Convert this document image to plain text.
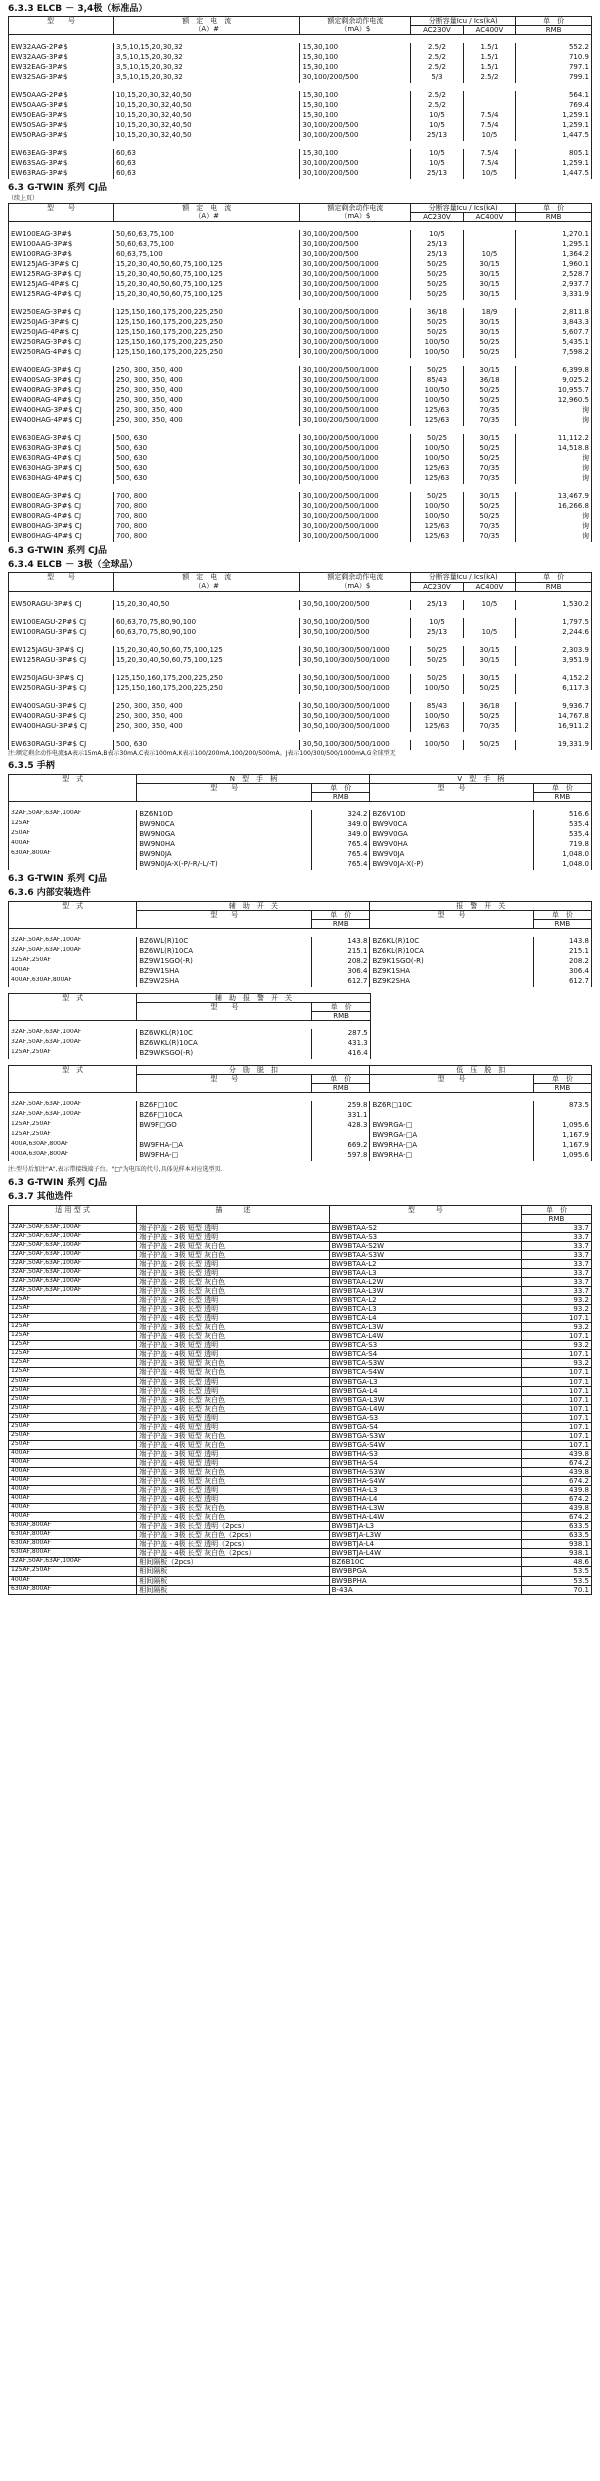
6.3.3 ELCB － 3,4极（标准品）
型　　号	额　定　电　流
（A）#	额定剩余动作电流
（mA）$	分断容量Icu / Ics(kA)		单　价
			AC230V	AC400V	RMB

EW32AAG-2P#$	3,5,10,15,20,30,32	15,30,100	2.5/2	1.5/1	552.2
EW32AAG-3P#$	3,5,10,15,20,30,32	15,30,100	2.5/2	1.5/1	710.9
EW32EAG-3P#$	3,5,10,15,20,30,32	15,30,100	2.5/2	1.5/1	797.1
EW32SAG-3P#$	3,5,10,15,20,30,32	30,100/200/500	5/3	2.5/2	799.1

EW50AAG-2P#$	10,15,20,30,32,40,50	15,30,100	2.5/2		564.1
EW50AAG-3P#$	10,15,20,30,32,40,50	15,30,100	2.5/2		769.4
EW50EAG-3P#$	10,15,20,30,32,40,50	15,30,100	10/5	7.5/4	1,259.1
EW50SAG-3P#$	10,15,20,30,32,40,50	30,100/200/500	10/5	7.5/4	1,259.1
EW50RAG-3P#$	10,15,20,30,32,40,50	30,100/200/500	25/13	10/5	1,447.5

EW63EAG-3P#$	60,63	15,30,100	10/5	7.5/4	805.1
EW63SAG-3P#$	60,63	30,100/200/500	10/5	7.5/4	1,259.1
EW63RAG-3P#$	60,63	30,100/200/500	25/13	10/5	1,447.5
6.3 G-TWIN 系列 CJ品
（续上页）
型　　号	额　定　电　流
（A）#	额定剩余动作电流
（mA）$	分断容量Icu / Ics(kA)		单　价
			AC230V	AC400V	RMB

EW100EAG-3P#$	50,60,63,75,100	30,100/200/500	10/5		1,270.1
EW100AAG-3P#$	50,60,63,75,100	30,100/200/500	25/13		1,295.1
EW100RAG-3P#$	60,63,75,100	30,100/200/500	25/13	10/5	1,364.2
EW125JAG-3P#$ CJ	15,20,30,40,50,60,75,100,125	30,100/200/500/1000	50/25	30/15	1,960.1
EW125RAG-3P#$ CJ	15,20,30,40,50,60,75,100,125	30,100/200/500/1000	50/25	30/15	2,528.7
EW125JAG-4P#$ CJ	15,20,30,40,50,60,75,100,125	30,100/200/500/1000	50/25	30/15	2,937.7
EW125RAG-4P#$ CJ	15,20,30,40,50,60,75,100,125	30,100/200/500/1000	50/25	30/15	3,331.9

EW250EAG-3P#$ CJ	125,150,160,175,200,225,250	30,100/200/500/1000	36/18	18/9	2,811.8
EW250JAG-3P#$ CJ	125,150,160,175,200,225,250	30,100/200/500/1000	50/25	30/15	3,843.3
EW250JAG-4P#$ CJ	125,150,160,175,200,225,250	30,100/200/500/1000	50/25	30/15	5,607.7
EW250RAG-3P#$ CJ	125,150,160,175,200,225,250	30,100/200/500/1000	100/50	50/25	5,435.1
EW250RAG-4P#$ CJ	125,150,160,175,200,225,250	30,100/200/500/1000	100/50	50/25	7,598.2

EW400EAG-3P#$ CJ	250, 300, 350, 400	30,100/200/500/1000	50/25	30/15	6,399.8
EW400SAG-3P#$ CJ	250, 300, 350, 400	30,100/200/500/1000	85/43	36/18	9,025.2
EW400RAG-3P#$ CJ	250, 300, 350, 400	30,100/200/500/1000	100/50	50/25	10,955.7
EW400RAG-4P#$ CJ	250, 300, 350, 400	30,100/200/500/1000	100/50	50/25	12,960.5
EW400HAG-3P#$ CJ	250, 300, 350, 400	30,100/200/500/1000	125/63	70/35	询
EW400HAG-4P#$ CJ	250, 300, 350, 400	30,100/200/500/1000	125/63	70/35	询

EW630EAG-3P#$ CJ	500, 630	30,100/200/500/1000	50/25	30/15	11,112.2
EW630RAG-3P#$ CJ	500, 630	30,100/200/500/1000	100/50	50/25	14,518.8
EW630RAG-4P#$ CJ	500, 630	30,100/200/500/1000	100/50	50/25	询
EW630HAG-3P#$ CJ	500, 630	30,100/200/500/1000	125/63	70/35	询
EW630HAG-4P#$ CJ	500, 630	30,100/200/500/1000	125/63	70/35	询

EW800EAG-3P#$ CJ	700, 800	30,100/200/500/1000	50/25	30/15	13,467.9
EW800RAG-3P#$ CJ	700, 800	30,100/200/500/1000	100/50	50/25	16,266.8
EW800RAG-4P#$ CJ	700, 800	30,100/200/500/1000	100/50	50/25	询
EW800HAG-3P#$ CJ	700, 800	30,100/200/500/1000	125/63	70/35	询
EW800HAG-4P#$ CJ	700, 800	30,100/200/500/1000	125/63	70/35	询
6.3 G-TWIN 系列 CJ品
6.3.4 ELCB － 3极（全球品）
型　　号	额　定　电　流
（A）#	额定剩余动作电流
（mA）$	分断容量Icu / Ics(kA)		单　价
			AC230V	AC400V	RMB

EW50RAGU-3P#$ CJ	15,20,30,40,50	30,50,100/200/500	25/13	10/5	1,530.2

EW100EAGU-2P#$ CJ	60,63,70,75,80,90,100	30,50,100/200/500	10/5		1,797.5
EW100RAGU-3P#$ CJ	60,63,70,75,80,90,100	30,50,100/200/500	25/13	10/5	2,244.6

EW125JAGU-3P#$ CJ	15,20,30,40,50,60,75,100,125	30,50,100/300/500/1000	50/25	30/15	2,303.9
EW125RAGU-3P#$ CJ	15,20,30,40,50,60,75,100,125	30,50,100/300/500/1000	50/25	30/15	3,951.9

EW250JAGU-3P#$ CJ	125,150,160,175,200,225,250	30,50,100/300/500/1000	50/25	30/15	4,152.2
EW250RAGU-3P#$ CJ	125,150,160,175,200,225,250	30,50,100/300/500/1000	100/50	50/25	6,117.3

EW400SAGU-3P#$ CJ	250, 300, 350, 400	30,50,100/300/500/1000	85/43	36/18	9,936.7
EW400RAGU-3P#$ CJ	250, 300, 350, 400	30,50,100/300/500/1000	100/50	50/25	14,767.8
EW400HAGU-3P#$ CJ	250, 300, 350, 400	30,50,100/300/500/1000	125/63	70/35	16,911.2

EW630RAGU-3P#$ CJ	500, 630	30,50,100/300/500/1000	100/50	50/25	19,331.9
注:额定剩余动作电流$A表示15mA,B表示30mA,C表示100mA,K表示100/200mA,100/200/500mA。J表示100/300/500/1000mA,G全球型无
6.3.5 手柄
型　式	N　型　手　柄		V　型　手　柄	
	型　　号	单　价	型　　号	单　价
		RMB		RMB

32AF,50AF,63AF,100AF	BZ6N10D	324.2	BZ6V10D	516.6
125AF	BW9N0CA	349.0	BW9V0CA	535.4
250AF	BW9N0GA	349.0	BW9V0GA	535.4
400AF	BW9N0HA	765.4	BW9V0HA	719.8
630AF,800AF	BW9N0JA	765.4	BW9V0JA	1,048.0
	BW9N0JA-X(-P/-R/-L/-T)	765.4	BW9V0JA-X(-P)	1,048.0
6.3 G-TWIN 系列 CJ品
6.3.6 内部安装选件
型　式	辅　助　开　关		报　警　开　关	
	型　　号	单　价	型　　号	单　价
		RMB		RMB

32AF,50AF,63AF,100AF	BZ6WL(R)10C	143.8	BZ6KL(R)10C	143.8
32AF,50AF,63AF,100AF	BZ6WL(R)10CA	215.1	BZ6KL(R)10CA	215.1
125AF,250AF	BZ9W1SGO(-R)	208.2	BZ9K1SGO(-R)	208.2
400AF	BZ9W1SHA	306.4	BZ9K1SHA	306.4
400AF,630AF,800AF	BZ9W2SHA	612.7	BZ9K2SHA	612.7
型　式	辅　助　报　警　开　关		
	型　　号	单　价	
		RMB	

32AF,50AF,63AF,100AF	BZ6WKL(R)10C	287.5	
32AF,50AF,63AF,100AF	BZ6WKL(R)10CA	431.3	
125AF,250AF	BZ9WKSGO(-R)	416.4	
型　式	分　励　脱　扣		低　压　脱　扣	
	型　　号	单　价	型　　号	单　价
		RMB		RMB

32AF,50AF,63AF,100AF	BZ6F□10C	259.8	BZ6R□10C	873.5
32AF,50AF,63AF,100AF	BZ6F□10CA	331.1		
125AF,250AF	BW9F□GO	428.3	BW9RGA-□	1,095.6
125AF,250AF			BW9RGA-□A	1,167.9
400A,630AF,800AF	BW9FHA-□A	669.2	BW9RHA-□A	1,167.9
400A,630AF,800AF	BW9FHA-□	597.8	BW9RHA-□	1,095.6
注:型号后加注"A",表示带接线端子台。"□"为电压的代号,具体见样本对应选型页.
6.3 G-TWIN 系列 CJ品
6.3.7 其他选件
适 用 型 式	描　　　述	型　　　号	单　价
			RMB
32AF,50AF,63AF,100AF	端子护盖 - 2极 短型 透明	BW9BTAA-S2	33.7
32AF,50AF,63AF,100AF	端子护盖 - 3极 短型 透明	BW9BTAA-S3	33.7
32AF,50AF,63AF,100AF	端子护盖 - 2极 短型 灰白色	BW9BTAA-S2W	33.7
32AF,50AF,63AF,100AF	端子护盖 - 3极 短型 灰白色	BW9BTAA-S3W	33.7
32AF,50AF,63AF,100AF	端子护盖 - 2极 长型 透明	BW9BTAA-L2	33.7
32AF,50AF,63AF,100AF	端子护盖 - 3极 长型 透明	BW9BTAA-L3	33.7
32AF,50AF,63AF,100AF	端子护盖 - 2极 长型 灰白色	BW9BTAA-L2W	33.7
32AF,50AF,63AF,100AF	端子护盖 - 3极 长型 灰白色	BW9BTAA-L3W	33.7
125AF	端子护盖 - 2极 长型 透明	BW9BTCA-L2	93.2
125AF	端子护盖 - 3极 长型 透明	BW9BTCA-L3	93.2
125AF	端子护盖 - 4极 长型 透明	BW9BTCA-L4	107.1
125AF	端子护盖 - 3极 长型 灰白色	BW9BTCA-L3W	93.2
125AF	端子护盖 - 4极 长型 灰白色	BW9BTCA-L4W	107.1
125AF	端子护盖 - 3极 短型 透明	BW9BTCA-S3	93.2
125AF	端子护盖 - 4极 短型 透明	BW9BTCA-S4	107.1
125AF	端子护盖 - 3极 短型 灰白色	BW9BTCA-S3W	93.2
125AF	端子护盖 - 4极 短型 灰白色	BW9BTCA-S4W	107.1
250AF	端子护盖 - 3极 长型 透明	BW9BTGA-L3	107.1
250AF	端子护盖 - 4极 长型 透明	BW9BTGA-L4	107.1
250AF	端子护盖 - 3极 长型 灰白色	BW9BTGA-L3W	107.1
250AF	端子护盖 - 4极 长型 灰白色	BW9BTGA-L4W	107.1
250AF	端子护盖 - 3极 短型 透明	BW9BTGA-S3	107.1
250AF	端子护盖 - 4极 短型 透明	BW9BTGA-S4	107.1
250AF	端子护盖 - 3极 短型 灰白色	BW9BTGA-S3W	107.1
250AF	端子护盖 - 4极 短型 灰白色	BW9BTGA-S4W	107.1
400AF	端子护盖 - 3极 短型 透明	BW9BTHA-S3	439.8
400AF	端子护盖 - 4极 短型 透明	BW9BTHA-S4	674.2
400AF	端子护盖 - 3极 短型 灰白色	BW9BTHA-S3W	439.8
400AF	端子护盖 - 4极 短型 灰白色	BW9BTHA-S4W	674.2
400AF	端子护盖 - 3极 长型 透明	BW9BTHA-L3	439.8
400AF	端子护盖 - 4极 长型 透明	BW9BTHA-L4	674.2
400AF	端子护盖 - 3极 长型 灰白色	BW9BTHA-L3W	439.8
400AF	端子护盖 - 4极 长型 灰白色	BW9BTHA-L4W	674.2
630AF,800AF	端子护盖 - 3极 长型 透明（2pcs）	BW9BTJA-L3	633.5
630AF,800AF	端子护盖 - 3极 长型 灰白色（2pcs）	BW9BTJA-L3W	633.5
630AF,800AF	端子护盖 - 4极 长型 透明（2pcs）	BW9BTJA-L4	938.1
630AF,800AF	端子护盖 - 4极 长型 灰白色（2pcs）	BW9BTJA-L4W	938.1
32AF,50AF,63AF,100AF	相间隔板（2pcs）	BZ6B10C	48.6
125AF,250AF	相间隔板	BW9BPGA	53.5
400AF	相间隔板	BW9BPHA	53.5
630AF,800AF	相间隔板	B-43A	70.1
